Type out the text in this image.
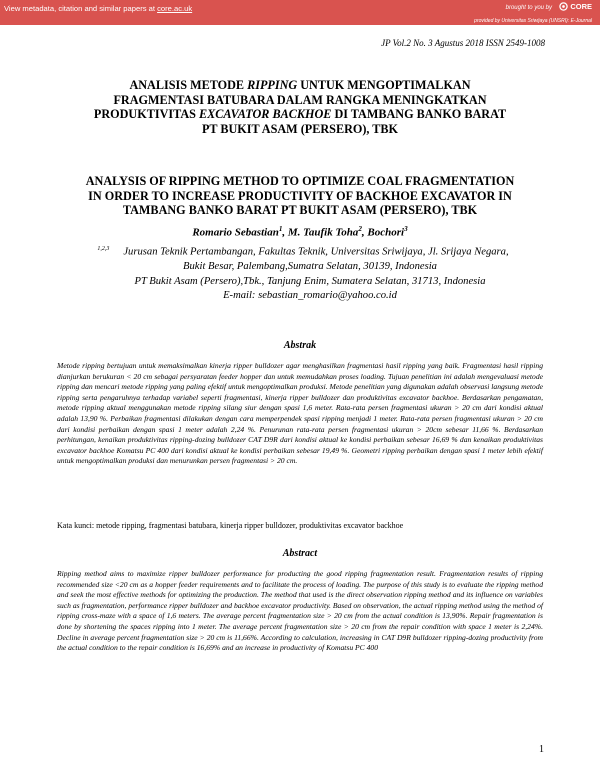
View metadata, citation and similar papers at core.ac.uk	brought to you by CORE
provided by Universitas Sriwijaya (UNSRI): E-Journal
JP Vol.2 No. 3 Agustus 2018 ISSN 2549-1008
ANALISIS METODE RIPPING UNTUK MENGOPTIMALKAN
FRAGMENTASI BATUBARA DALAM RANGKA MENINGKATKAN
PRODUKTIVITAS EXCAVATOR BACKHOE DI TAMBANG BANKO BARAT
PT BUKIT ASAM (PERSERO), TBK
ANALYSIS OF RIPPING METHOD TO OPTIMIZE COAL FRAGMENTATION
IN ORDER TO INCREASE PRODUCTIVITY OF BACKHOE EXCAVATOR IN
TAMBANG BANKO BARAT PT BUKIT ASAM (PERSERO), TBK
Romario Sebastian$^1$, M. Taufik Toha$^2$, Bochori$^3$
$^{1,2,3}$ Jurusan Teknik Pertambangan, Fakultas Teknik, Universitas Sriwijaya, Jl. Srijaya Negara,
Bukit Besar, Palembang,Sumatra Selatan, 30139, Indonesia
PT Bukit Asam (Persero),Tbk., Tanjung Enim, Sumatera Selatan, 31713, Indonesia
E-mail: sebastian_romario@yahoo.co.id
Abstrak
Metode ripping bertujuan untuk memaksimalkan kinerja ripper bulldozer agar menghasilkan fragmentasi hasil ripping yang baik. Fragmentasi hasil ripping dianjurkan berukuran < 20 cm sebagai persyaratan feeder hopper dan untuk memudahkan proses loading. Tujuan penelitian ini adalah mengevaluasi metode ripping dan mencari metode ripping yang paling efektif untuk mengoptimalkan produksi. Metode penelitian yang digunakan adalah observasi langsung metode ripping serta pengaruhnya terhadap variabel seperti fragmentasi, kinerja ripper bulldozer dan produktivitas excavator backhoe. Berdasarkan pengamatan, metode ripping aktual menggunakan metode ripping silang siur dengan spasi 1,6 meter. Rata-rata persen fragmentasi ukuran > 20 cm dari kondisi aktual adalah 13,90 %. Perbaikan fragmentasi dilakukan dengan cara memperpendek spasi ripping menjadi 1 meter. Rata-rata persen fragmentasi ukuran > 20 cm dari kondisi perbaikan dengan spasi 1 meter adalah 2,24 %. Penurunan rata-rata persen fragmentasi ukuran > 20cm sebesar 11,66 %. Berdasarkan perhitungan, kenaikan produktivitas ripping-dozing bulldozer CAT D9R dari kondisi aktual ke kondisi perbaikan sebesar 16,69 % dan kenaikan produktivitas excavator backhoe Komatsu PC 400 dari kondisi aktual ke kondisi perbaikan sebesar 19,49 %. Geometri ripping perbaikan dengan spasi 1 meter lebih efektif untuk mengoptimalkan produksi dan menurunkan persen fragmentasi > 20 cm.
Kata kunci: metode ripping, fragmentasi batubara, kinerja ripper bulldozer, produktivitas excavator backhoe
Abstract
Ripping method aims to maximize ripper bulldozer performance for producting the good ripping fragmentation result. Fragmentation results of ripping recommended size <20 cm as a hopper feeder requirements and to facilitate the process of loading. The purpose of this study is to evaluate the ripping method and seek the most effective methods for optimizing the production. The method that used is the direct observation ripping method and its influence on variables such as fragmentation, performance ripper bulldozer and backhoe excavator productivity. Based on observation, the actual ripping method using the method of ripping cross-maze with a space of 1,6 meters. The average percent fragmentation size > 20 cm from the actual condition is 13,90%. Repair fragmentation is done by shortening the spaces ripping into 1 meter. The average percent fragmentation size > 20 cm from the repair condition with space 1 meter is 2,24%. Decline in average percent fragmentation size > 20 cm is 11,66%. According to calculation, increasing in CAT D9R bulldozer ripping-dozing productivity from the actual condition to the repair condition is 16,69% and an increase in productivity of Komatsu PC 400
1
